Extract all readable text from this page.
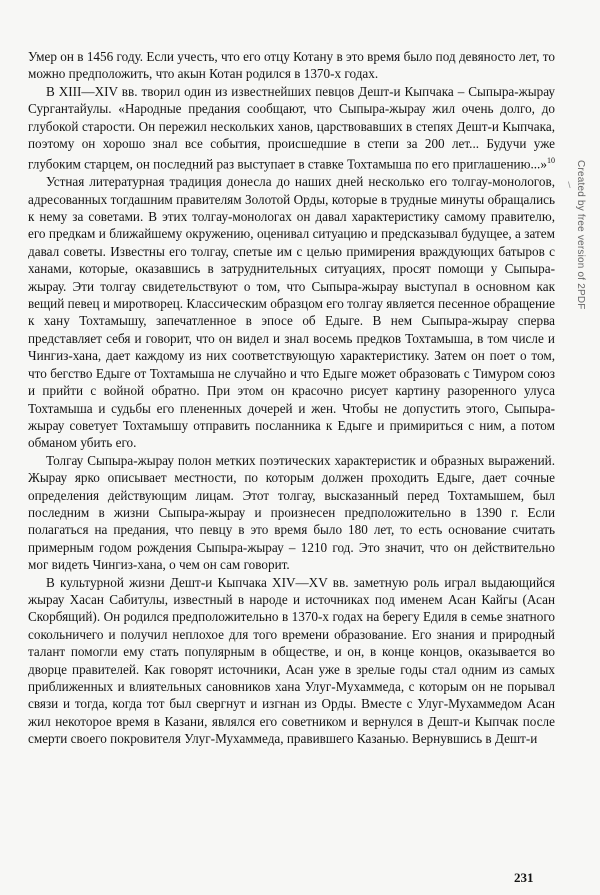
Умер он в 1456 году. Если учесть, что его отцу Котану в это время было под девяносто лет, то можно предположить, что акын Котан родился в 1370-х годах.

В XIII—XIV вв. творил один из известнейших певцов Дешт-и Кыпчака – Сыпыра-жырау Сургантайулы. «Народные предания сообщают, что Сыпыра-жырау жил очень долго, до глубокой старости. Он пережил нескольких ханов, царствовавших в степях Дешт-и Кыпчака, поэтому он хорошо знал все события, происшедшие в степи за 200 лет... Будучи уже глубоким старцем, он последний раз выступает в ставке Тохтамыша по его приглашению...»$^{10}$

Устная литературная традиция донесла до наших дней несколько его толгау-монологов, адресованных тогдашним правителям Золотой Орды, которые в трудные минуты обращались к нему за советами. В этих толгау-монологах он давал характеристику самому правителю, его предкам и ближайшему окружению, оценивал ситуацию и предсказывал будущее, а затем давал советы. Известны его толгау, спетые им с целью примирения враждующих батыров с ханами, которые, оказавшись в затруднительных ситуациях, просят помощи у Сыпыра-жырау. Эти толгау свидетельствуют о том, что Сыпыра-жырау выступал в основном как вещий певец и миротворец. Классическим образцом его толгау является песенное обращение к хану Тохтамышу, запечатленное в эпосе об Едыге. В нем Сыпыра-жырау сперва представляет себя и говорит, что он видел и знал восемь предков Тохтамыша, в том числе и Чингиз-хана, дает каждому из них соответствующую характеристику. Затем он поет о том, что бегство Едыге от Тохтамыша не случайно и что Едыге может образовать с Тимуром союз и прийти с войной обратно. При этом он красочно рисует картину разоренного улуса Тохтамыша и судьбы его плененных дочерей и жен. Чтобы не допустить этого, Сыпыра-жырау советует Тохтамышу отправить посланника к Едыге и примириться с ним, а потом обманом убить его.

Толгау Сыпыра-жырау полон метких поэтических характеристик и образных выражений. Жырау ярко описывает местности, по которым должен проходить Едыге, дает сочные определения действующим лицам. Этот толгау, высказанный перед Тохтамышем, был последним в жизни Сыпыра-жырау и произнесен предположительно в 1390 г. Если полагаться на предания, что певцу в это время было 180 лет, то есть основание считать примерным годом рождения Сыпыра-жырау – 1210 год. Это значит, что он действительно мог видеть Чингиз-хана, о чем он сам говорит.

В культурной жизни Дешт-и Кыпчака XIV—XV вв. заметную роль играл выдающийся жырау Хасан Сабитулы, известный в народе и источниках под именем Асан Кайгы (Асан Скорбящий). Он родился предположительно в 1370-х годах на берегу Едиля в семье знатного сокольничего и получил неплохое для того времени образование. Его знания и природный талант помогли ему стать популярным в обществе, и он, в конце концов, оказывается во дворце правителей. Как говорят источники, Асан уже в зрелые годы стал одним из самых приближенных и влиятельных сановников хана Улуг-Мухаммеда, с которым он не порывал связи и тогда, когда тот был свергнут и изгнан из Орды. Вместе с Улуг-Мухаммедом Асан жил некоторое время в Казани, являлся его советником и вернулся в Дешт-и Кыпчак после смерти своего покровителя Улуг-Мухаммеда, правившего Казанью. Вернувшись в Дешт-и

\ Created by free version of 2PDF
231
